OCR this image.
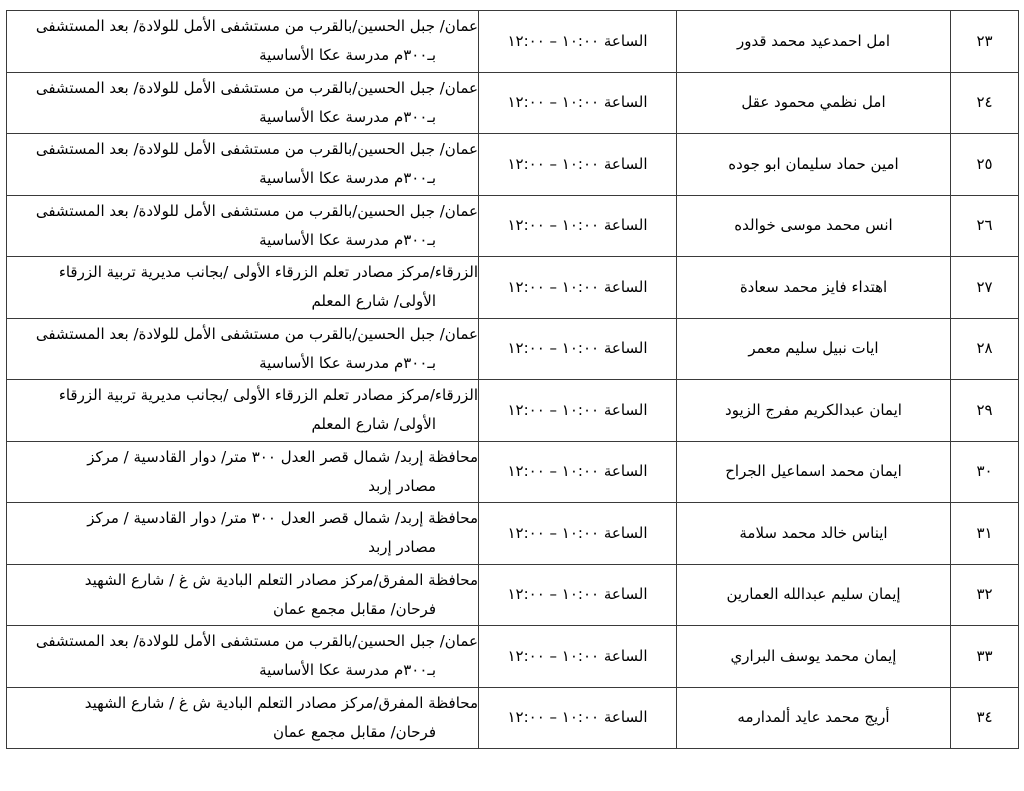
٢٣	امل احمدعيد محمد قدور	الساعة ١٠:٠٠ – ١٢:٠٠	عمان/ جبل الحسين/بالقرب من مستشفى الأمل للولادة/ بعد المستشفى
بـ٣٠٠م مدرسة عكا الأساسية

٢٤	امل نظمي محمود عقل	الساعة ١٠:٠٠ – ١٢:٠٠	عمان/ جبل الحسين/بالقرب من مستشفى الأمل للولادة/ بعد المستشفى
بـ٣٠٠م مدرسة عكا الأساسية

٢٥	امين حماد سليمان ابو جوده	الساعة ١٠:٠٠ – ١٢:٠٠	عمان/ جبل الحسين/بالقرب من مستشفى الأمل للولادة/ بعد المستشفى
بـ٣٠٠م مدرسة عكا الأساسية

٢٦	انس محمد موسى خوالده	الساعة ١٠:٠٠ – ١٢:٠٠	عمان/ جبل الحسين/بالقرب من مستشفى الأمل للولادة/ بعد المستشفى
بـ٣٠٠م مدرسة عكا الأساسية

٢٧	اهتداء فايز محمد سعادة	الساعة ١٠:٠٠ – ١٢:٠٠	الزرقاء/مركز مصادر تعلم الزرقاء الأولى /بجانب مديرية تربية الزرقاء
الأولى/ شارع المعلم

٢٨	ايات نبيل سليم معمر	الساعة ١٠:٠٠ – ١٢:٠٠	عمان/ جبل الحسين/بالقرب من مستشفى الأمل للولادة/ بعد المستشفى
بـ٣٠٠م مدرسة عكا الأساسية

٢٩	ايمان عبدالكريم مفرج الزيود	الساعة ١٠:٠٠ – ١٢:٠٠	الزرقاء/مركز مصادر تعلم الزرقاء الأولى /بجانب مديرية تربية الزرقاء
الأولى/ شارع المعلم

٣٠	ايمان محمد اسماعيل الجراح	الساعة ١٠:٠٠ – ١٢:٠٠	محافظة إربد/ شمال قصر العدل ٣٠٠ متر/ دوار القادسية / مركز
مصادر إربد

٣١	ايناس خالد محمد سلامة	الساعة ١٠:٠٠ – ١٢:٠٠	محافظة إربد/ شمال قصر العدل ٣٠٠ متر/ دوار القادسية / مركز
مصادر إربد

٣٢	إيمان سليم عبدالله العمارين	الساعة ١٠:٠٠ – ١٢:٠٠	محافظة المفرق/مركز مصادر التعلم البادية ش غ / شارع الشهيد
فرحان/ مقابل مجمع عمان

٣٣	إيمان محمد يوسف البراري	الساعة ١٠:٠٠ – ١٢:٠٠	عمان/ جبل الحسين/بالقرب من مستشفى الأمل للولادة/ بعد المستشفى
بـ٣٠٠م مدرسة عكا الأساسية

٣٤	أريج محمد عايد ألمدارمه	الساعة ١٠:٠٠ – ١٢:٠٠	محافظة المفرق/مركز مصادر التعلم البادية ش غ / شارع الشهيد
فرحان/ مقابل مجمع عمان
